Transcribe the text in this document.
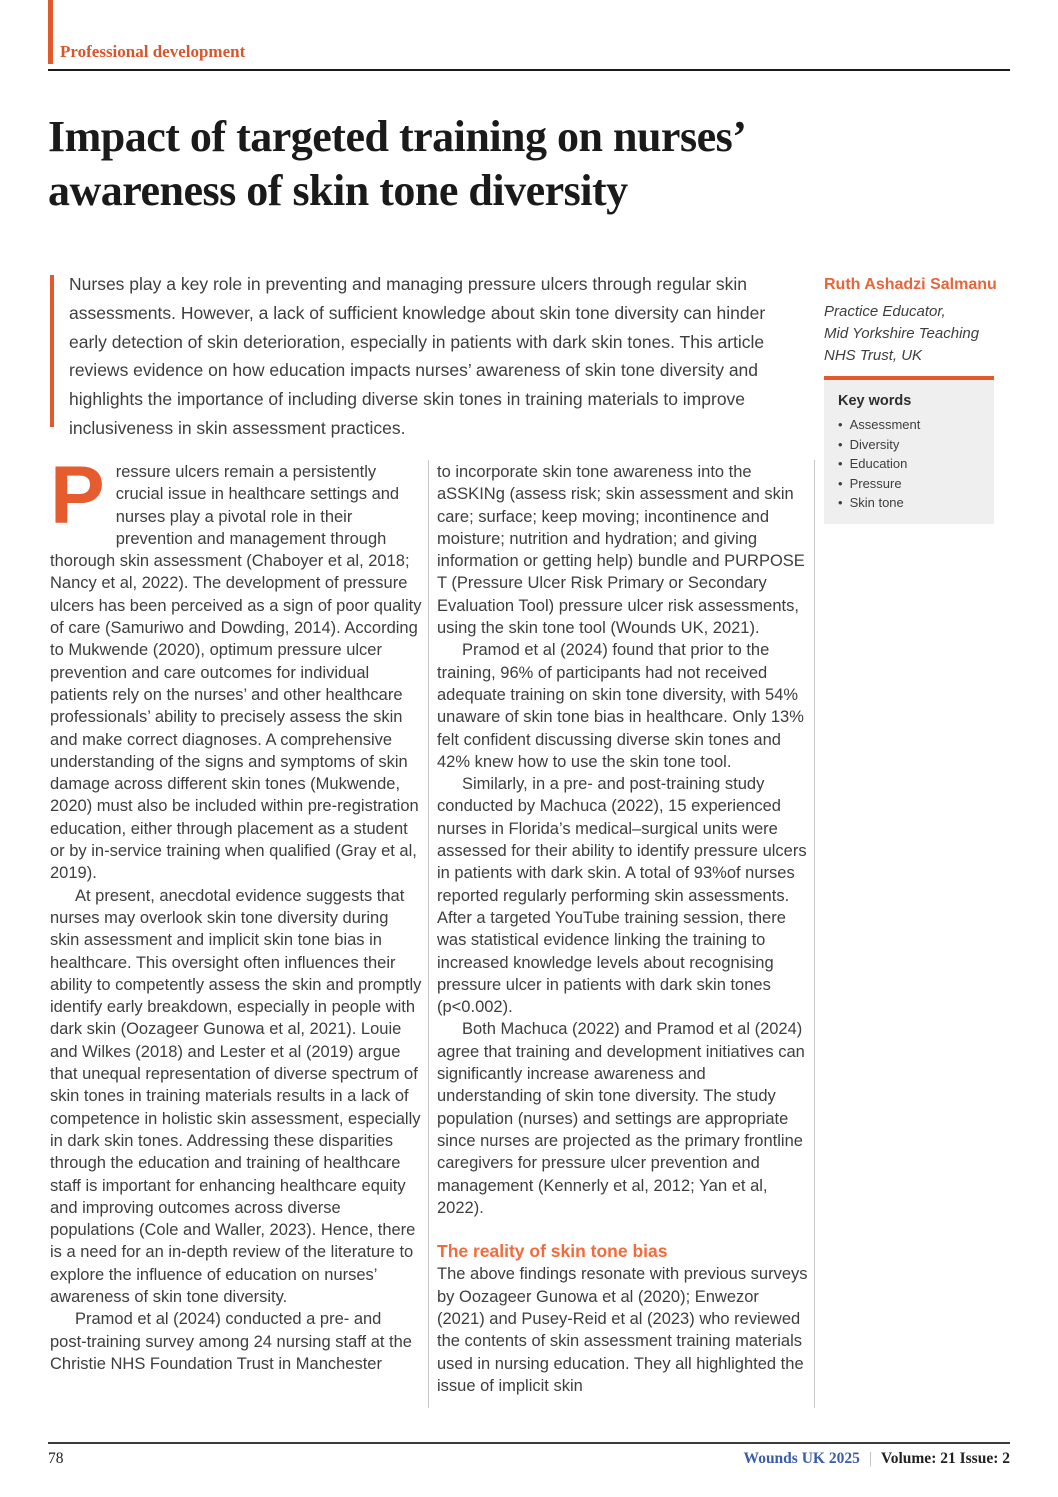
Professional development
Impact of targeted training on nurses’
awareness of skin tone diversity
Nurses play a key role in preventing and managing pressure ulcers through regular skin assessments. However, a lack of sufficient knowledge about skin tone diversity can hinder early detection of skin deterioration, especially in patients with dark skin tones. This article reviews evidence on how education impacts nurses’ awareness of skin tone diversity and highlights the importance of including diverse skin tones in training materials to improve inclusiveness in skin assessment practices.
Ruth Ashadzi Salmanu
Practice Educator,
Mid Yorkshire Teaching
NHS Trust, UK
Key words
• Assessment
• Diversity
• Education
• Pressure
• Skin tone

Pressure ulcers remain a persistently crucial issue in healthcare settings and nurses play a pivotal role in their prevention and management through thorough skin assessment (Chaboyer et al, 2018; Nancy et al, 2022). The development of pressure ulcers has been perceived as a sign of poor quality of care (Samuriwo and Dowding, 2014). According to Mukwende (2020), optimum pressure ulcer prevention and care outcomes for individual patients rely on the nurses’ and other healthcare professionals’ ability to precisely assess the skin and make correct diagnoses. A comprehensive understanding of the signs and symptoms of skin damage across different skin tones (Mukwende, 2020) must also be included within pre-registration education, either through placement as a student or by in-service training when qualified (Gray et al, 2019).

At present, anecdotal evidence suggests that nurses may overlook skin tone diversity during skin assessment and implicit skin tone bias in healthcare. This oversight often influences their ability to competently assess the skin and promptly identify early breakdown, especially in people with dark skin (Oozageer Gunowa et al, 2021). Louie and Wilkes (2018) and Lester et al (2019) argue that unequal representation of diverse spectrum of skin tones in training materials results in a lack of competence in holistic skin assessment, especially in dark skin tones. Addressing these disparities through the education and training of healthcare staff is important for enhancing healthcare equity and improving outcomes across diverse populations (Cole and Waller, 2023). Hence, there is a need for an in-depth review of the literature to explore the influence of education on nurses’ awareness of skin tone diversity.

Pramod et al (2024) conducted a pre- and post-training survey among 24 nursing staff at the Christie NHS Foundation Trust in Manchester

to incorporate skin tone awareness into the aSSKINg (assess risk; skin assessment and skin care; surface; keep moving; incontinence and moisture; nutrition and hydration; and giving information or getting help) bundle and PURPOSE T (Pressure Ulcer Risk Primary or Secondary Evaluation Tool) pressure ulcer risk assessments, using the skin tone tool (Wounds UK, 2021).

Pramod et al (2024) found that prior to the training, 96% of participants had not received adequate training on skin tone diversity, with 54% unaware of skin tone bias in healthcare. Only 13% felt confident discussing diverse skin tones and 42% knew how to use the skin tone tool.

Similarly, in a pre- and post-training study conducted by Machuca (2022), 15 experienced nurses in Florida’s medical–surgical units were assessed for their ability to identify pressure ulcers in patients with dark skin. A total of 93%of nurses reported regularly performing skin assessments. After a targeted YouTube training session, there was statistical evidence linking the training to increased knowledge levels about recognising pressure ulcer in patients with dark skin tones (p<0.002).

Both Machuca (2022) and Pramod et al (2024) agree that training and development initiatives can significantly increase awareness and understanding of skin tone diversity. The study population (nurses) and settings are appropriate since nurses are projected as the primary frontline caregivers for pressure ulcer prevention and management (Kennerly et al, 2012; Yan et al, 2022).

The reality of skin tone bias

The above findings resonate with previous surveys by Oozageer Gunowa et al (2020); Enwezor (2021) and Pusey-Reid et al (2023) who reviewed the contents of skin assessment training materials used in nursing education. They all highlighted the issue of implicit skin

78	Wounds UK 2025 | Volume: 21 Issue: 2
